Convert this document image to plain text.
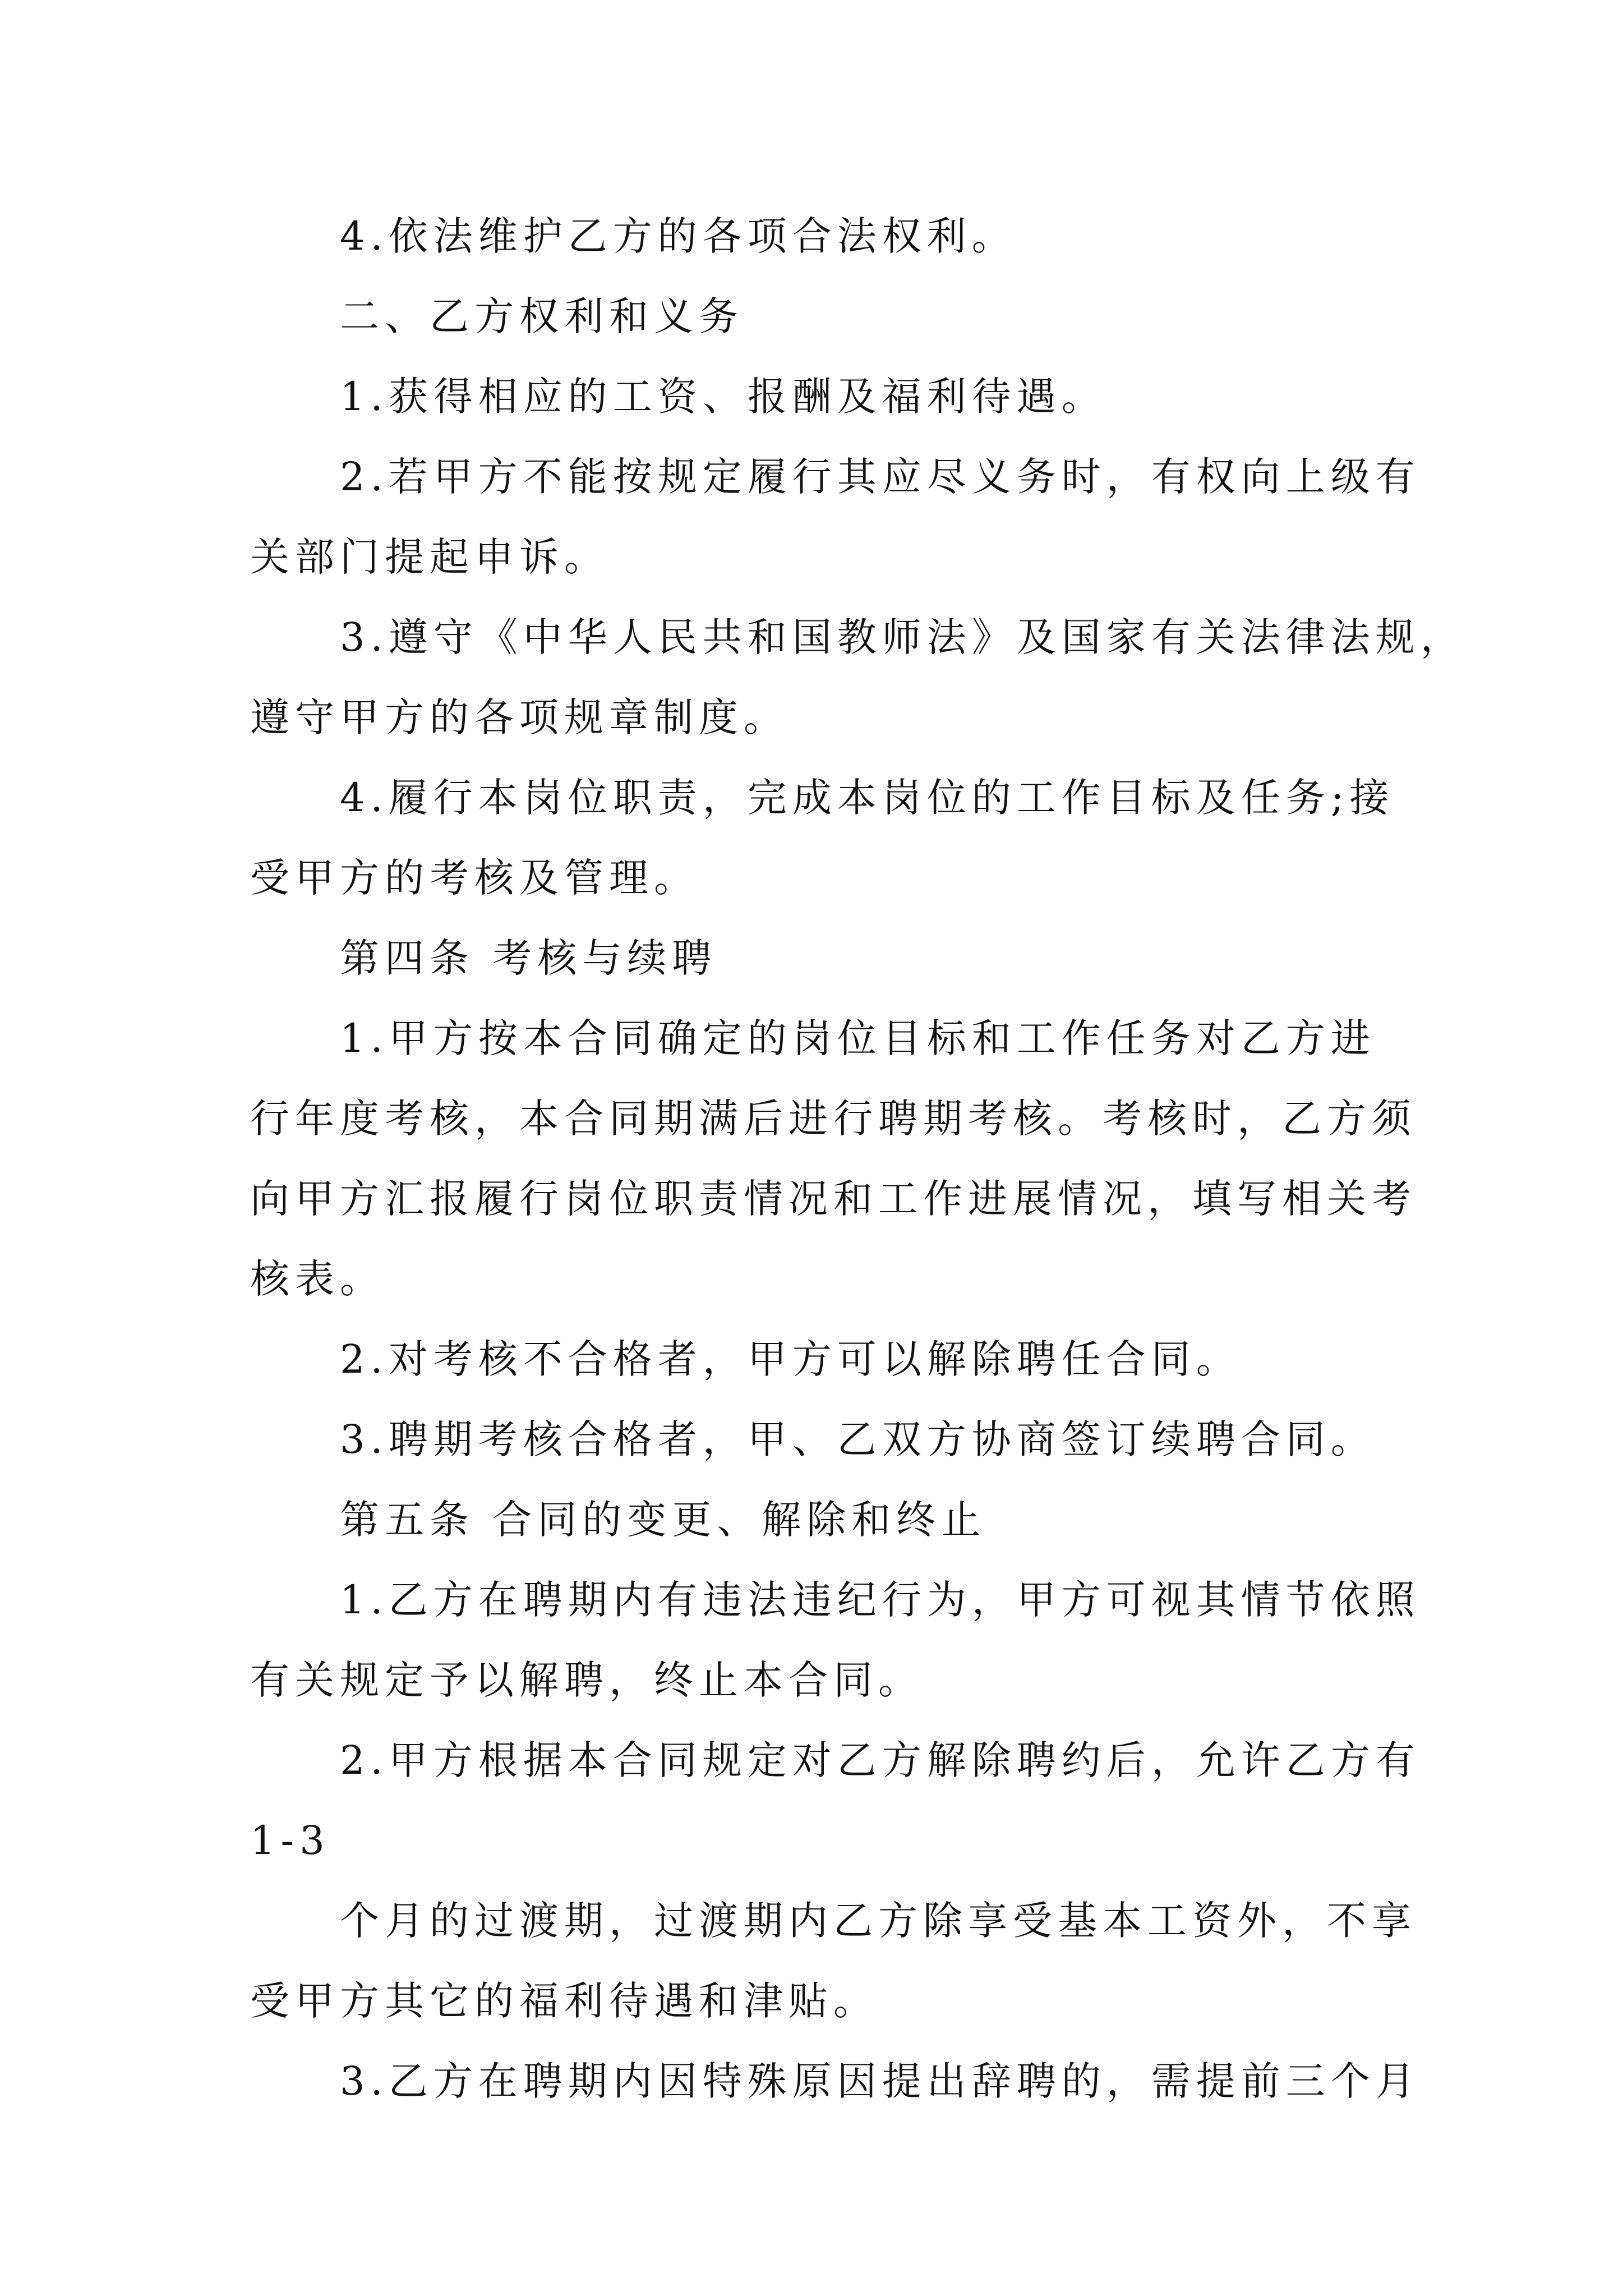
4.依法维护乙方的各项合法权利。
二、乙方权利和义务
1.获得相应的工资、报酬及福利待遇。
2.若甲方不能按规定履行其应尽义务时，有权向上级有
关部门提起申诉。
3.遵守《中华人民共和国教师法》及国家有关法律法规，
遵守甲方的各项规章制度。
4.履行本岗位职责，完成本岗位的工作目标及任务;接
受甲方的考核及管理。
第四条 考核与续聘
1.甲方按本合同确定的岗位目标和工作任务对乙方进
行年度考核，本合同期满后进行聘期考核。考核时，乙方须
向甲方汇报履行岗位职责情况和工作进展情况，填写相关考
核表。
2.对考核不合格者，甲方可以解除聘任合同。
3.聘期考核合格者，甲、乙双方协商签订续聘合同。
第五条 合同的变更、解除和终止
1.乙方在聘期内有违法违纪行为，甲方可视其情节依照
有关规定予以解聘，终止本合同。
2.甲方根据本合同规定对乙方解除聘约后，允许乙方有
1-3
个月的过渡期，过渡期内乙方除享受基本工资外，不享
受甲方其它的福利待遇和津贴。
3.乙方在聘期内因特殊原因提出辞聘的，需提前三个月
